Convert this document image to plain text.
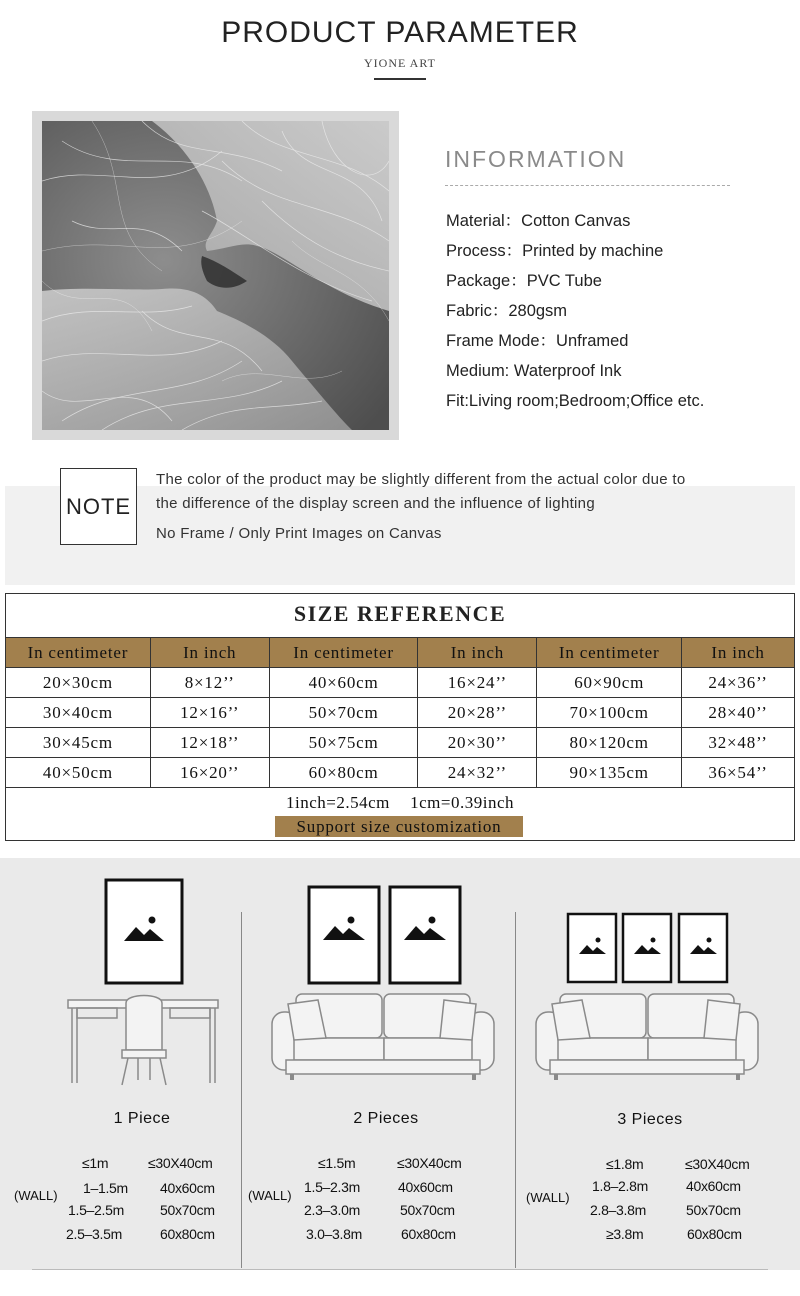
PRODUCT PARAMETER
YIONE ART
INFORMATION
Material：Cotton Canvas
Process：Printed by machine
Package：PVC Tube
Fabric：280gsm
Frame Mode：Unframed
Medium: Waterproof Ink
Fit:Living room;Bedroom;Office etc.
NOTE
The color of the product may be slightly different from the actual color due to
the difference of the display screen and the influence of lighting
No Frame / Only Print Images on Canvas
SIZE REFERENCE
In centimeter	In inch	In centimeter	In inch	In centimeter	In inch
20×30cm	8×12’’	40×60cm	16×24’’	60×90cm	24×36’’
30×40cm	12×16’’	50×70cm	20×28’’	70×100cm	28×40’’
30×45cm	12×18’’	50×75cm	20×30’’	80×120cm	32×48’’
40×50cm	16×20’’	60×80cm	24×32’’	90×135cm	36×54’’
1inch=2.54cm   1cm=0.39inch
Support size customization
1 Piece	2 Pieces	3 Pieces
(WALL)	(WALL)	(WALL)
≤1m	≤30X40cm
1–1.5m 40x60cm
1.5–2.5m	50x70cm
2.5–3.5m	60x80cm
≤1.5m	≤30X40cm
1.5–2.3m	40x60cm
2.3–3.0m	50x70cm
3.0–3.8m	60x80cm
≤1.8m	≤30X40cm
1.8–2.8m	40x60cm
2.8–3.8m	50x70cm
≥3.8m	60x80cm
